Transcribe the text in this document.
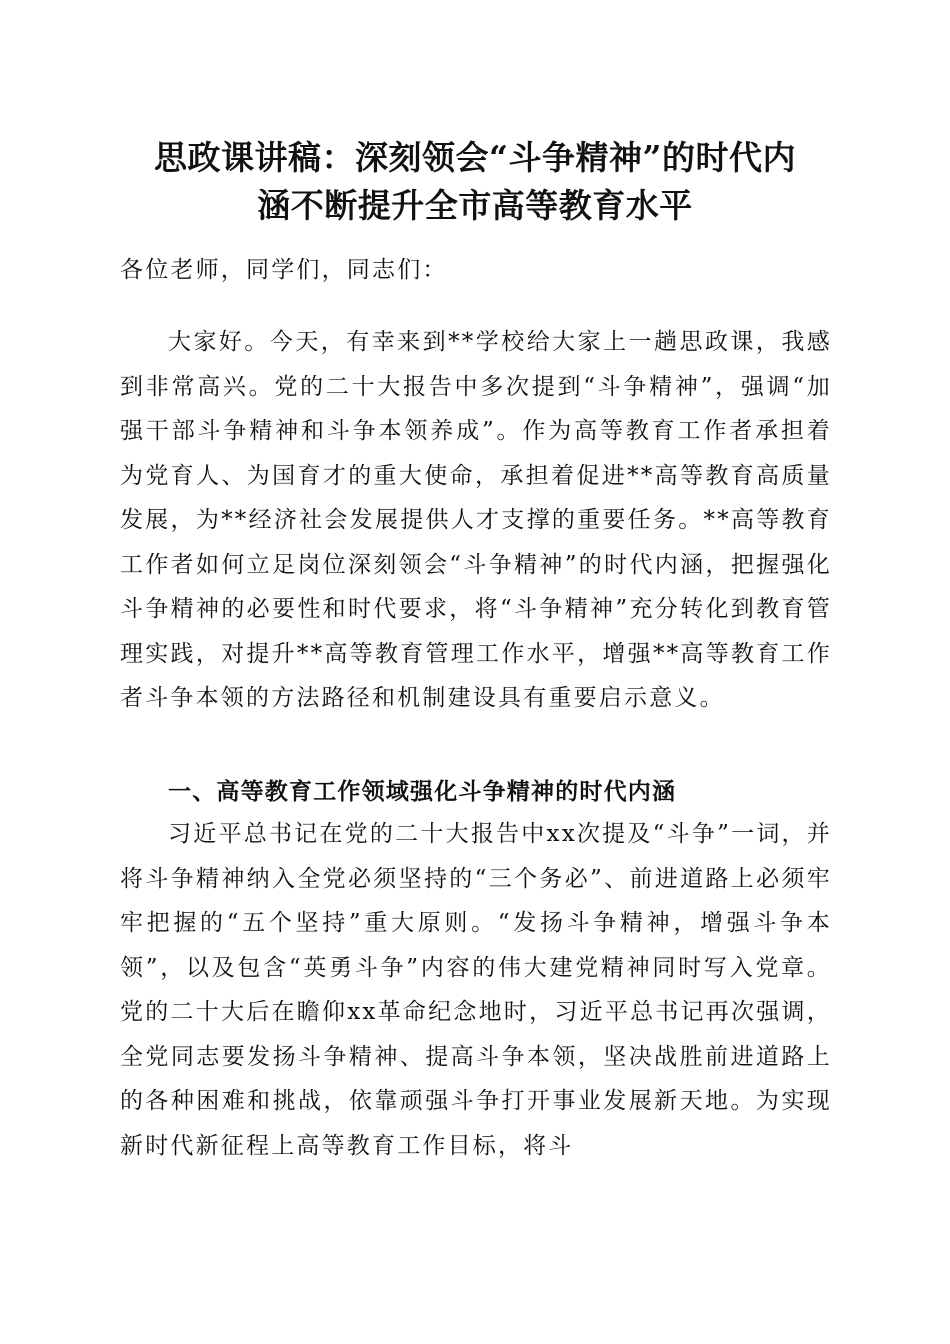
思政课讲稿：深刻领会“斗争精神”的时代内
涵不断提升全市高等教育水平

各位老师，同学们，同志们：

大家好。今天，有幸来到**学校给大家上一趟思政课，我感到非常高兴。党的二十大报告中多次提到“斗争精神”，强调“加强干部斗争精神和斗争本领养成”。作为高等教育工作者承担着为党育人、为国育才的重大使命，承担着促进**高等教育高质量发展，为**经济社会发展提供人才支撑的重要任务。**高等教育工作者如何立足岗位深刻领会“斗争精神”的时代内涵，把握强化斗争精神的必要性和时代要求，将“斗争精神”充分转化到教育管理实践，对提升**高等教育管理工作水平，增强**高等教育工作者斗争本领的方法路径和机制建设具有重要启示意义。

一、高等教育工作领域强化斗争精神的时代内涵

习近平总书记在党的二十大报告中xx次提及“斗争”一词，并将斗争精神纳入全党必须坚持的“三个务必”、前进道路上必须牢牢把握的“五个坚持”重大原则。“发扬斗争精神，增强斗争本领”，以及包含“英勇斗争”内容的伟大建党精神同时写入党章。党的二十大后在瞻仰xx革命纪念地时，习近平总书记再次强调，全党同志要发扬斗争精神、提高斗争本领，坚决战胜前进道路上的各种困难和挑战，依靠顽强斗争打开事业发展新天地。为实现新时代新征程上高等教育工作目标，将斗
